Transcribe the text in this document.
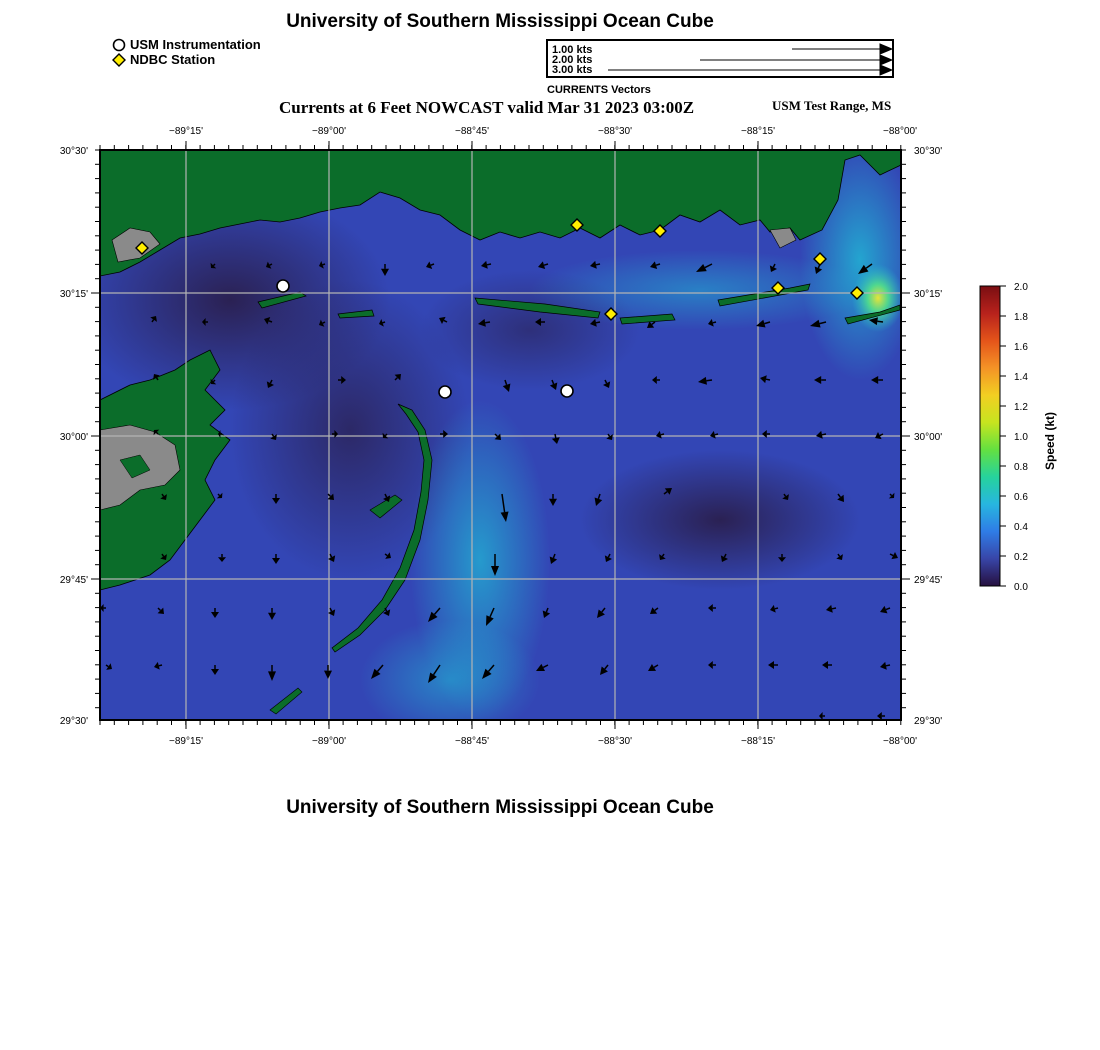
University of Southern Mississippi Ocean Cube
USM Instrumentation
NDBC Station
1.00 kts
2.00 kts
3.00 kts
CURRENTS Vectors
Currents at 6 Feet NOWCAST valid Mar 31 2023 03:00Z	USM Test Range, MS
−89°15'	−89°00'	−88°45'	−88°30'	−88°15'	−88°00'
−89°15'	−89°00'	−88°45'	−88°30'	−88°15'	−88°00'
30°30'
30°15'
30°00'
29°45'
29°30'
30°30'
30°15'
30°00'
29°45'
29°30'
2.0
1.8
1.6
1.4
1.2
1.0
0.8
0.6
0.4
0.2
0.0
Speed (kt)
University of Southern Mississippi Ocean Cube
